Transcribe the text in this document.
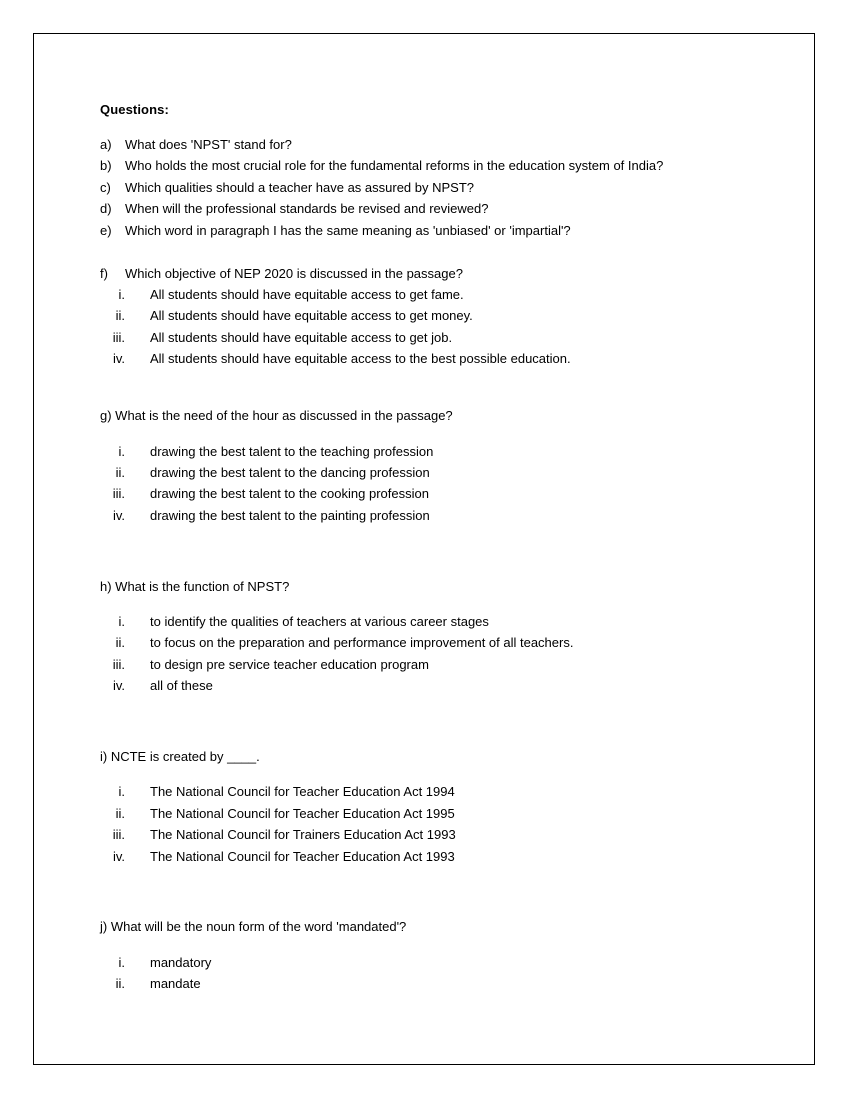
Questions:
a) What does 'NPST' stand for?
b) Who holds the most crucial role for the fundamental reforms in the education system of India?
c) Which qualities should a teacher have as assured by NPST?
d) When will the professional standards be revised and reviewed?
e) Which word in paragraph I has the same meaning as 'unbiased' or 'impartial'?
f) Which objective of NEP 2020 is discussed in the passage?
i. All students should have equitable access to get fame.
ii. All students should have equitable access to get money.
iii. All students should have equitable access to get job.
iv. All students should have equitable access to the best possible education.
g) What is the need of the hour as discussed in the passage?
i. drawing the best talent to the teaching profession
ii. drawing the best talent to the dancing profession
iii. drawing the best talent to the cooking profession
iv. drawing the best talent to the painting profession
h) What is the function of NPST?
i. to identify the qualities of teachers at various career stages
ii. to focus on the preparation and performance improvement of all teachers.
iii. to design pre service teacher education program
iv. all of these
i) NCTE is created by ____.
i. The National Council for Teacher Education Act 1994
ii. The National Council for Teacher Education Act 1995
iii. The National Council for Trainers Education Act 1993
iv. The National Council for Teacher Education Act 1993
j) What will be the noun form of the word 'mandated'?
i. mandatory
ii. mandate
